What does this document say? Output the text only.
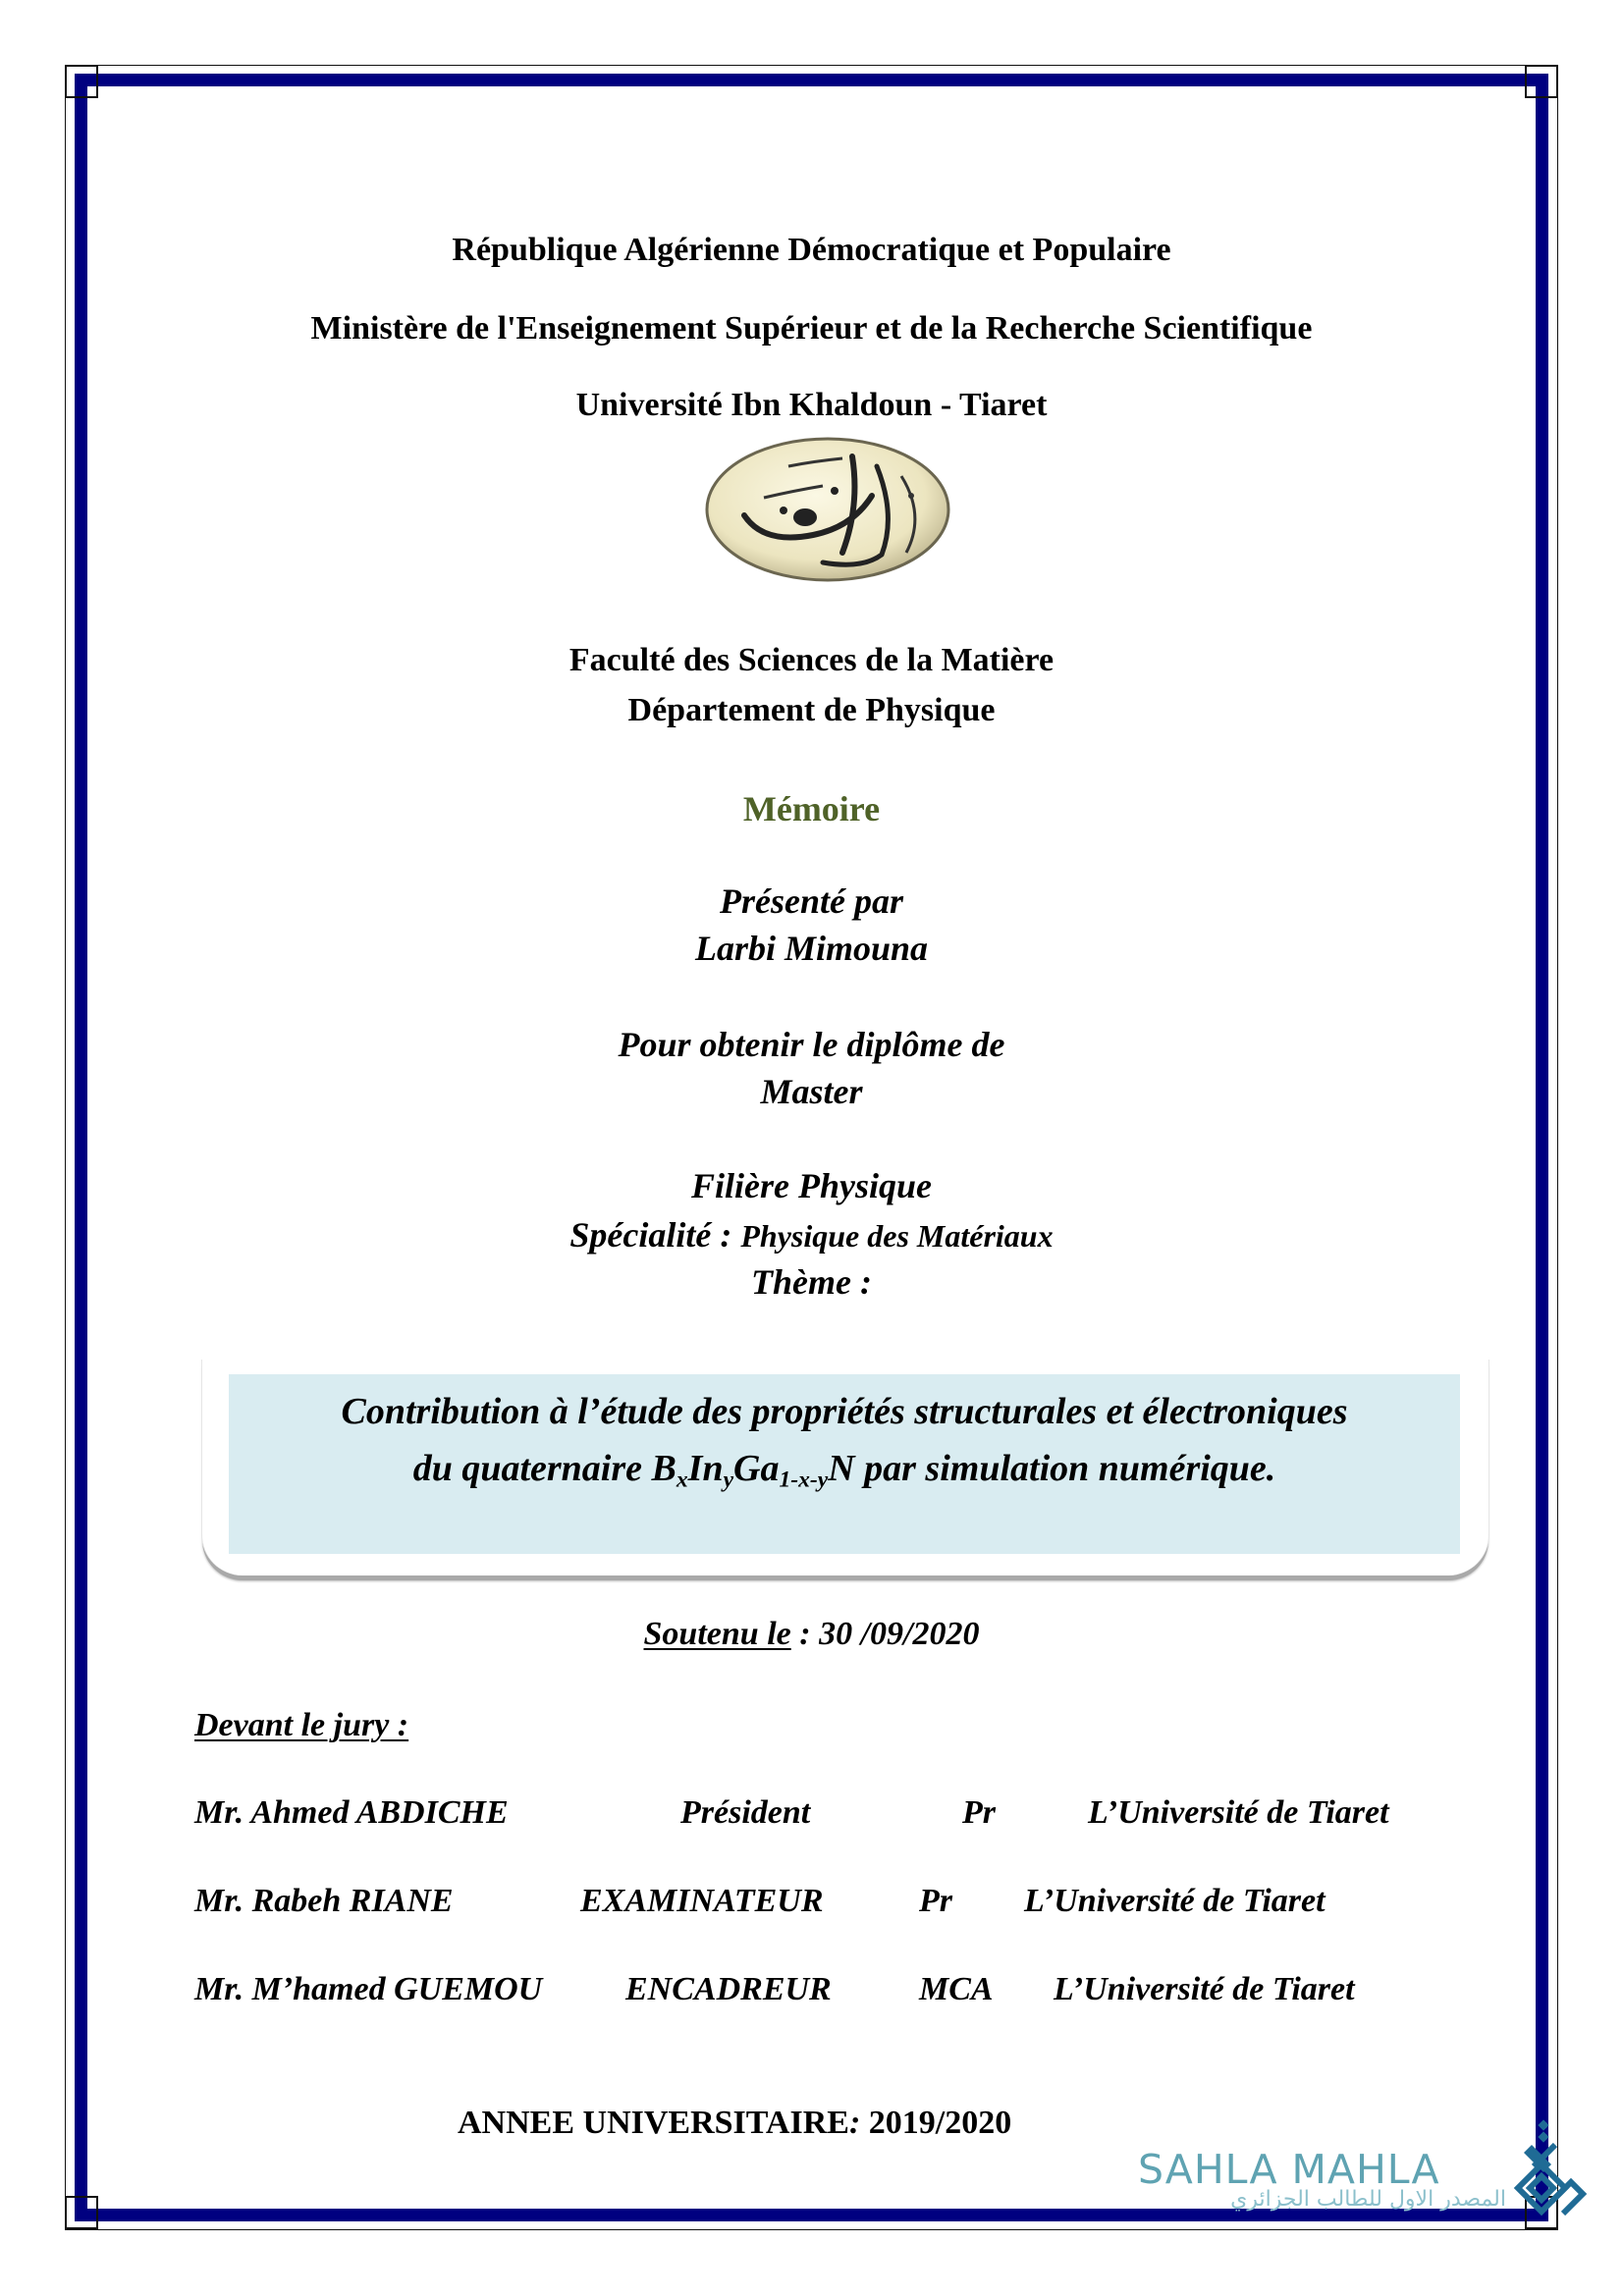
République Algérienne Démocratique et Populaire
Ministère de l'Enseignement Supérieur et de la Recherche Scientifique
Université Ibn Khaldoun - Tiaret
Faculté des Sciences de la Matière
Département de Physique
Mémoire
Présenté par
Larbi Mimouna
Pour obtenir le diplôme de
Master
Filière Physique
Spécialité : Physique des Matériaux
Thème :
Contribution à l’étude des propriétés structurales et électroniques
du quaternaire $B_xIn_yGa_{1-x-y}N$ par simulation numérique.
Soutenu le : 30 /09/2020
Devant le jury :
Mr. Ahmed ABDICHE	Président	Pr	L’Université de Tiaret
Mr. Rabeh RIANE	EXAMINATEUR	Pr L’Université de Tiaret
Mr. M’hamed GUEMOU ENCADREUR	MCA L’Université de Tiaret
ANNEE UNIVERSITAIRE: 2019/2020
SAHLA MAHLA
المصدر الاول للطالب الجزائري
